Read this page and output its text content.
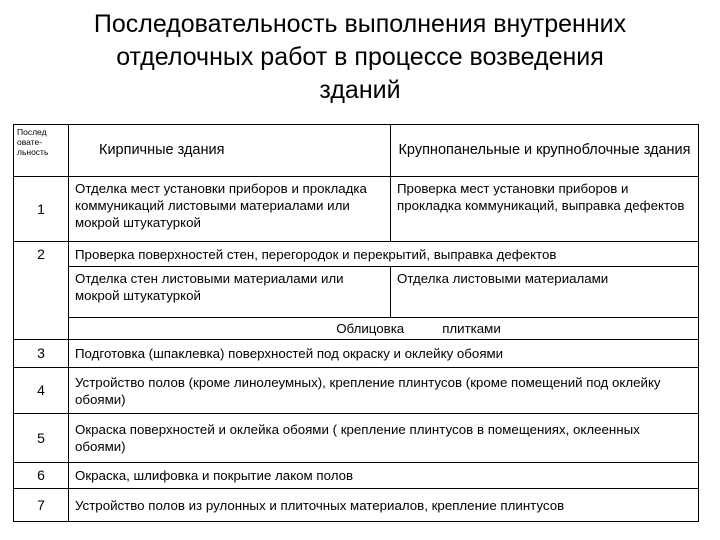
Последовательность выполнения внутренних
отделочных работ в процессе возведения
зданий
Послед овате- льность	Кирпичные здания	Крупнопанельные и крупноблочные здания
1	Отделка мест установки приборов и прокладка коммуникаций листовыми материалами или мокрой штукатуркой	Проверка мест установки приборов и прокладка коммуникаций, выправка дефектов
2	Проверка поверхностей стен, перегородок и перекрытий, выправка дефектов	
	Отделка стен листовыми материалами или мокрой штукатуркой	Отделка листовыми материалами
	Облицовка плитками	
3	Подготовка (шпаклевка) поверхностей под окраску и оклейку обоями	
4	Устройство полов (кроме линолеумных), крепление плинтусов (кроме помещений под оклейку обоями)	
5	Окраска поверхностей и оклейка обоями ( крепление плинтусов в помещениях, оклеенных обоями)	
6	Окраска, шлифовка и покрытие лаком полов	
7	Устройство полов из рулонных и плиточных материалов, крепление плинтусов	
